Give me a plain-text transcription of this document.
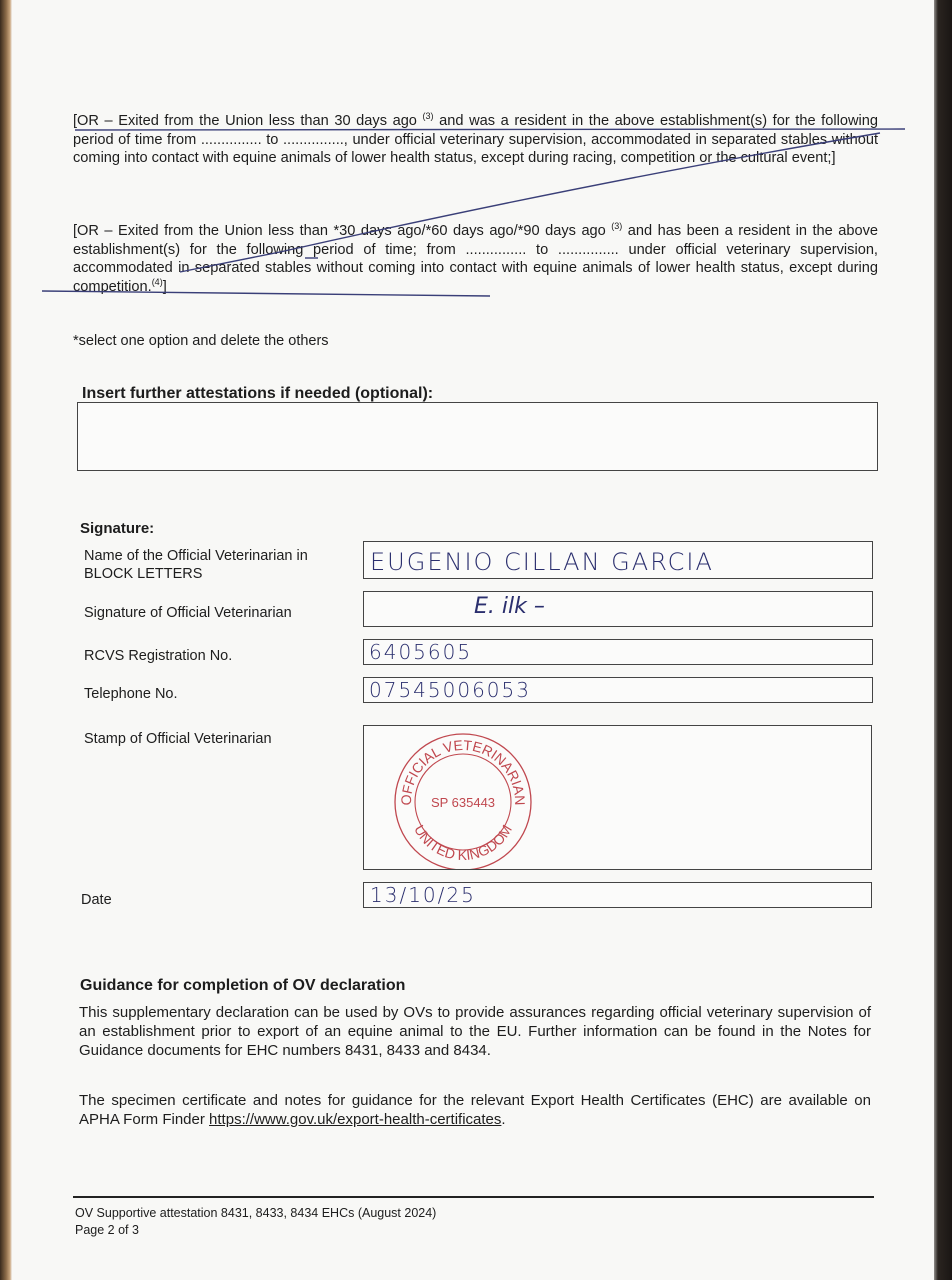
[OR – Exited from the Union less than 30 days ago $^{(3)}$ and was a resident in the above establishment(s) for the following period of time from ............... to ..............., under official veterinary supervision, accommodated in separated stables without coming into contact with equine animals of lower health status, except during racing, competition or the cultural event;]

[OR – Exited from the Union less than *30 days ago/*60 days ago/*90 days ago $^{(3)}$ and has been a resident in the above establishment(s) for the following period of time; from ............... to ............... under official veterinary supervision, accommodated in separated stables without coming into contact with equine animals of lower health status, except during competition.$^{(4)}$]

*select one option and delete the others
Insert further attestations if needed (optional):
Signature:
Name of the Official Veterinarian in BLOCK LETTERS	EUGENIO CILLAN GARCIA
Signature of Official Veterinarian	E. ilk –
RCVS Registration No.	6405605
Telephone No.	07545006053
Stamp of Official Veterinarian
OFFICIAL VETERINARIAN
UNITED KINGDOM
SP 635443
Date	13/10/25
Guidance for completion of OV declaration

This supplementary declaration can be used by OVs to provide assurances regarding official veterinary supervision of an establishment prior to export of an equine animal to the EU. Further information can be found in the Notes for Guidance documents for EHC numbers 8431, 8433 and 8434.

The specimen certificate and notes for guidance for the relevant Export Health Certificates (EHC) are available on APHA Form Finder https://www.gov.uk/export-health-certificates.

OV Supportive attestation 8431, 8433, 8434 EHCs (August 2024)
Page 2 of 3
